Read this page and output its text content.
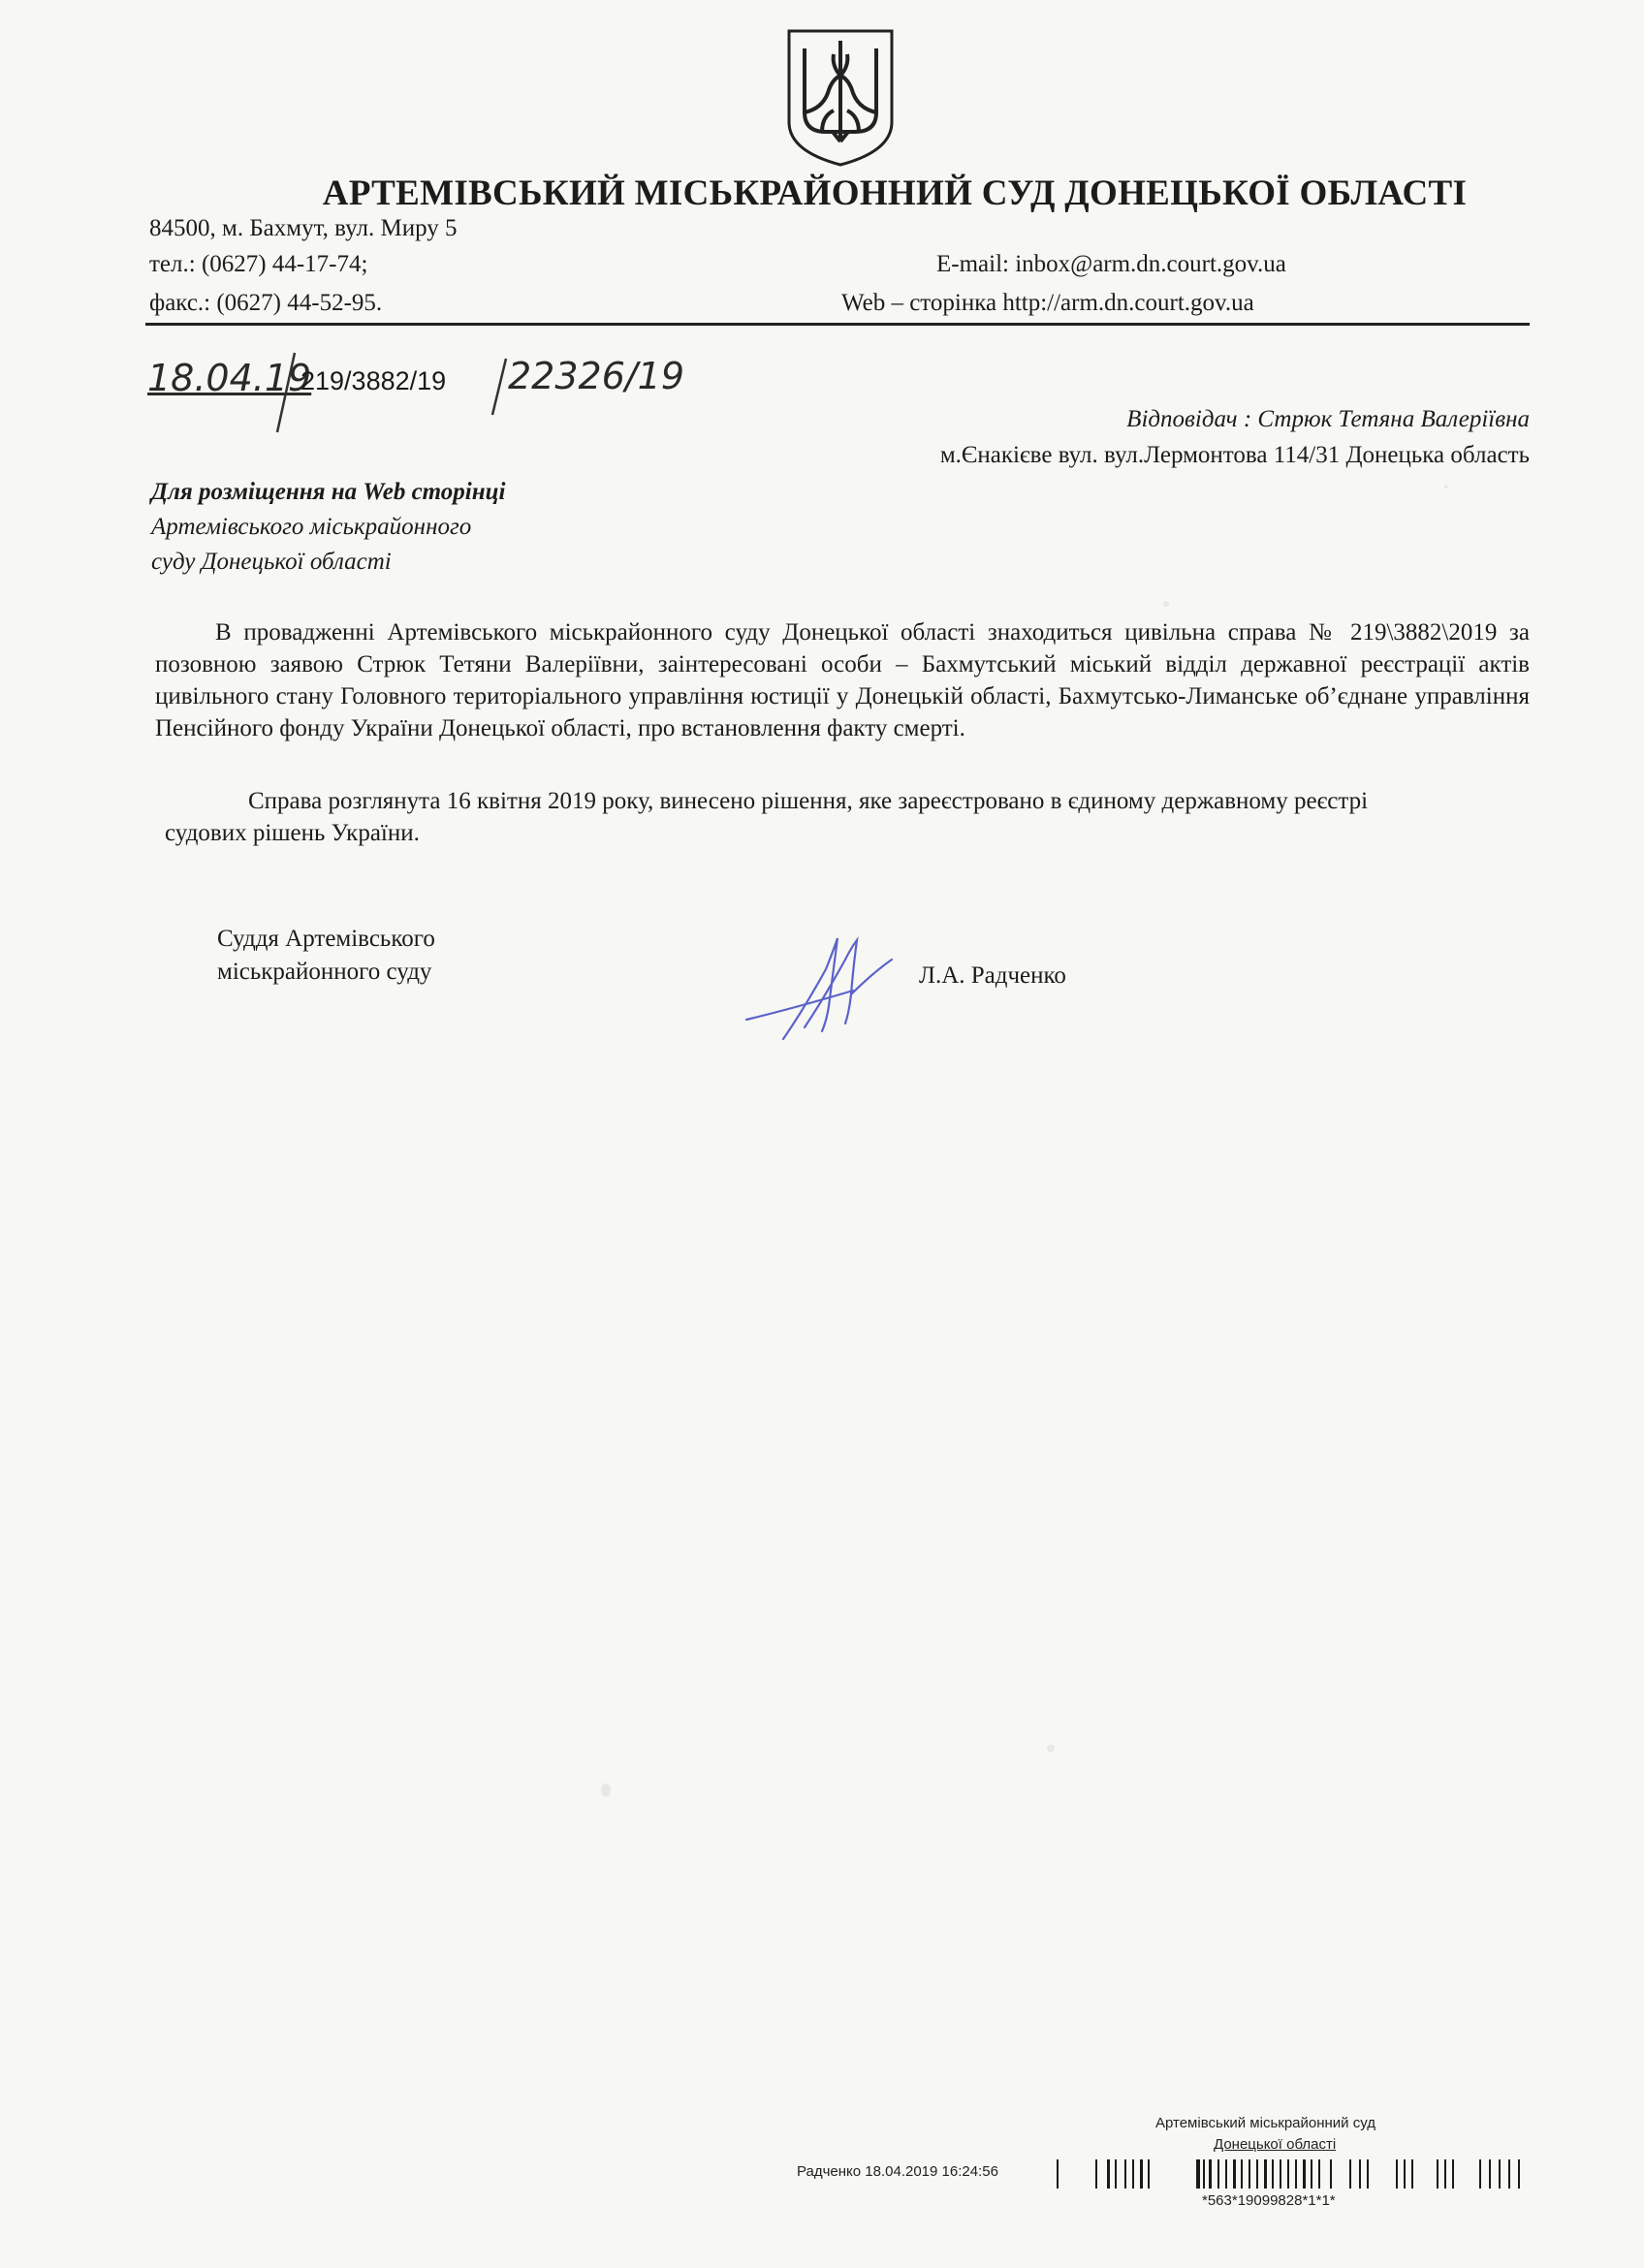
АРТЕМІВСЬКИЙ МІСЬКРАЙОННИЙ СУД ДОНЕЦЬКОЇ ОБЛАСТІ
84500, м. Бахмут, вул. Миру 5
тел.: (0627) 44-17-74;
факс.: (0627) 44-52-95.
E-mail: inbox@arm.dn.court.gov.ua
Web – сторінка http://arm.dn.court.gov.ua
18.04.19
219/3882/19 22326/19
Відповідач : Стрюк Тетяна Валеріївна
м.Єнакієве вул. вул.Лермонтова 114/31 Донецька область
Для розміщення на Web сторінці
Артемівського міськрайонного
суду Донецької області
В провадженні Артемівського міськрайонного суду Донецької області знаходиться цивільна справа № 219\3882\2019 за позовною заявою Стрюк Тетяни Валеріївни, заінтересовані особи – Бахмутський міський відділ державної реєстрації актів цивільного стану Головного територіального управління юстиції у Донецькій області, Бахмутсько-Лиманське об’єднане управління Пенсійного фонду України Донецької області, про встановлення факту смерті.
Справа розглянута 16 квітня 2019 року, винесено рішення, яке зареєстровано в єдиному державному реєстрі судових рішень України.
Суддя Артемівського
міськрайонного суду	Л.А. Радченко
Артемівський міськрайонний суд
Донецької області
Радченко 18.04.2019 16:24:56
*563*19099828*1*1*
